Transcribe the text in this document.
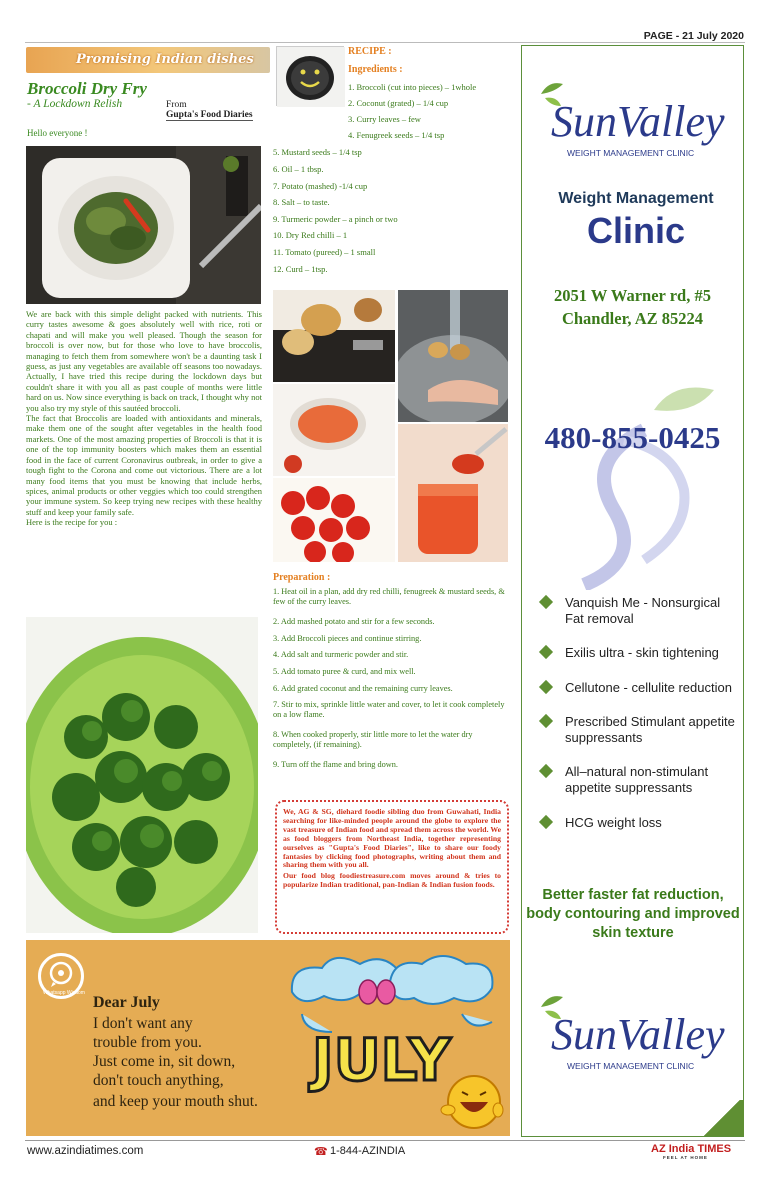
PAGE - 21 July 2020
Promising Indian dishes
Broccoli Dry Fry
- A Lockdown Relish	From
Gupta's Food Diaries
Hello everyone !

We are back with this simple delight packed with nutrients. This curry tastes awesome & goes absolutely well with rice, roti or chapati and will make you well pleased. Though the season for broccoli is over now, but for those who love to have broccolis, managing to fetch them from somewhere won't be a daunting task I guess, as just any vegetables are available off seasons too nowadays. Actually, I have tried this recipe during the lockdown days but couldn't share it with you all as past couple of months were little hard on us. Now since everything is back on track, I thought why not you also try my style of this sautéed broccoli.

The fact that Broccolis are loaded with antioxidants and minerals, make them one of the sought after vegetables in the health food markets. One of the most amazing properties of Broccoli is that it is one of the top immunity boosters which makes them an essential food in the face of current Coronavirus outbreak, in order to give a tough fight to the Corona and come out victorious. There are a lot many food items that you must be knowing that include herbs, spices, animal products or other veggies which too could strengthen your immune system. So keep trying new recipes with these healthy stuff and keep your family safe.

Here is the recipe for you :

RECIPE :
Ingredients :
1. Broccoli (cut into pieces) – 1whole
2. Coconut (grated) – 1/4 cup
3. Curry leaves – few
4. Fenugreek seeds – 1/4 tsp
5. Mustard seeds – 1/4 tsp
6. Oil – 1 tbsp.
7. Potato (mashed) -1/4 cup
8. Salt – to taste.
9. Turmeric powder – a pinch or two
10. Dry Red chilli – 1
11. Tomato (pureed) – 1 small
12. Curd – 1tsp.
Preparation :
1. Heat oil in a plan, add dry red chilli, fenugreek & mustard seeds, & few of the curry leaves.
2. Add mashed potato and stir for a few seconds.
3. Add Broccoli pieces and continue stirring.
4. Add salt and turmeric powder and stir.
5. Add tomato puree & curd, and mix well.
6. Add grated coconut and the remaining curry leaves.
7. Stir to mix, sprinkle little water and cover, to let it cook completely on a low flame.
8. When cooked properly, stir little more to let the water dry completely, (if remaining).
9. Turn off the flame and bring down.

We, AG & SG, diehard foodie sibling duo from Guwahati, India searching for like-minded people around the globe to explore the vast treasure of Indian food and spread them across the world. We as food bloggers from Northeast India, together representing ourselves as "Gupta's Food Diaries", like to share our foody fantasies by clicking food photographs, writing about them and sharing them with you all.

Our food blog foodiestreasure.com moves around & tries to popularize Indian traditional, pan-Indian & Indian fusion foods.

Whatsapp Wisdom
Dear July
I don't want any
trouble from you.
Just come in, sit down,
don't touch anything,
and keep your mouth shut.
JULY
SunValley
WEIGHT MANAGEMENT CLINIC
Weight Management
Clinic
2051 W Warner rd, #5
Chandler, AZ 85224
480-855-0425
Vanquish Me - Nonsurgical Fat removal
Exilis ultra - skin tightening
Cellutone - cellulite reduction
Prescribed Stimulant appetite suppressants
All–natural non-stimulant appetite suppressants
HCG weight loss
Better faster fat reduction, body contouring and improved skin texture
SunValley
WEIGHT MANAGEMENT CLINIC
www.azindiatimes.com	☎ 1-844-AZINDIA	AZ India TIMES
FEEL AT HOME
